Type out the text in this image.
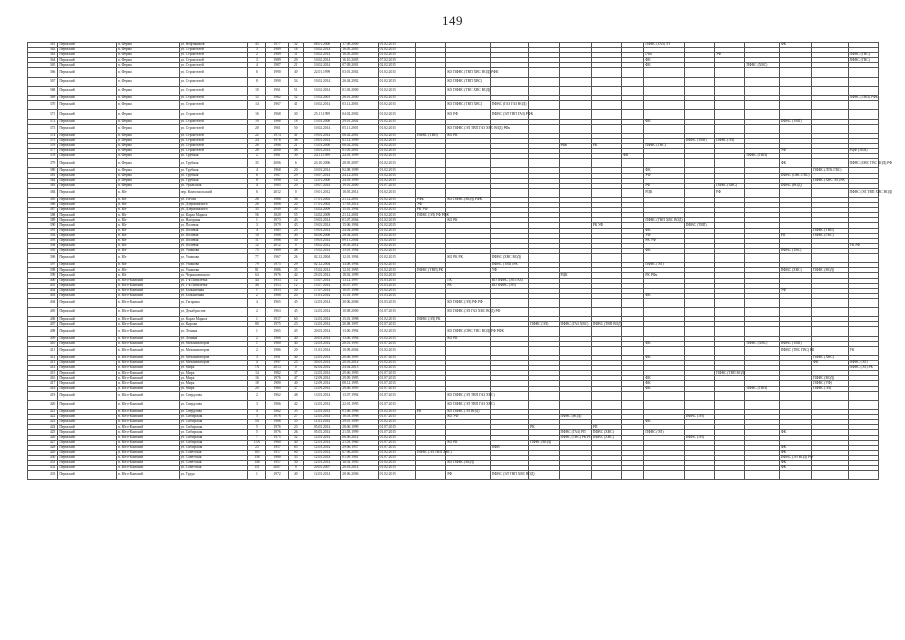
149
361	Пермский	п. Ферма	ул. Нефтяников	45	1977	32	08.01.2000	17.08.2000	01.02.2015								ПФВС (ГАЗ) ЭТ				ФК		
362	Пермский	п. Ферма	ул. Строителей	3	1989	16	10.02.2014	16.05.2005	01.02.2015														
363	Пермский	п. Ферма	ул. Строителей	2	1989	11	10.02.2014	16.05.2005	01.02.2015								ГФо		УФ				ПФВС (ГВС)
364	Пермский	п. Ферма	ул. Строителей	3	1989	20	10.02.2014	16.10.2005	07.02.2015								ФК						ПФВС (ГВС)
365	Пермский	п. Ферма	ул. Строителей	4	1987	21	10.02.2014	07.09.2001	02.02.2015								ФК			ПФВС (ХВС)			
366	Пермский	п. Ферма	ул. Строителей	6	1990	40	22.01.1999	03.01.2002	01.02.2015		КО ПФВС (ТВП ХВС ВОД) РФК												
367	Пермский	п. Ферма	ул. Строителей	8	1990	54	10.02.2014	26.04.2002	01.02.2015		КО ПФВС (ТВП ХВС)												
368	Пермский	п. Ферма	ул. Строителей	10	1961	51	10.02.2014	01.03.2000	01.02.2015		КО ПФВС (ТВС ХВС ВОД)												
369	Пермский	п. Ферма	ул. Строителей	12	1962	52	15.02.2001	26.01.2000	01.02.2015														ПФВС (ТВП) РФк
370	Пермский	п. Ферма	ул. Строителей	14	1967	41	10.02.2014	03.12.2001	01.02.2015		КО ПФВС (ТВП ХВС)	ПФВС (ГАЗ ГАЗ ВОД)											
371	Пермский	п. Ферма	ул. Строителей	16	1968	30	25.11.1999	04.02.2002	01.02.2015		КО РФ	ПФВС (ЭЛ ТВП ГАЗ) РФК											
372	Пермский	п. Ферма	ул. Строителей	19	1988	18	15.03.2000	29.01.2002	01.02.2015								ФК				ПФВС (ТВП)		
373	Пермский	п. Ферма	ул. Строителей	20	1961	50	10.02.2014	05.11.2001	01.02.2015		КО ПФВС (ЭЛ ТВП ГАЗ ХВС ВОД) РФк												
374	Пермский	п. Ферма	ул. Строителей	22	1974	41	19.03.2014	06.02.2001	01.02.2015	ПФВС (ТВП)	КО РК												
375	Пермский	п. Ферма	ул. Строителей	24	1976	36	19.03.2014	01.12.1999	01.02.2015									ПФВС (ТВП)	ПФВС (ЭЛ)				
376	Пермский	п. Ферма	ул. Строителей	26	1986	21	15.03.2000	06.02.2002	01.02.2015					РФк	РК		ПФВС (ГВС)						
377	Пермский	п. Ферма	ул. Строителей	28	2000	48	10.03.2014	01.05.2001	01.02.2015												УФ		РЦФ (ТВП)
378	Пермский	п. Ферма	ул. Трубная	2	1981	30	24.11.1999	24.03.1999	01.02.2015							ФК				ПФВС (ТВП)			
379	Пермский	п. Ферма	ул. Трубная	35	2006	6	24.10.2006	28.05.2007	01.02.2015												ФК		ПФВС (ОВС ГВС ВОД) РФ
380	Пермский	п. Ферма	ул. Трубная	4	1968	20	10.03.2014	02.08.1999	01.02.2015								ФК					ПФВС (ЛТК ГВС)	
381	Пермский	п. Ферма	ул. Трубная	6	1987	29	10.07.2014	24.12.2001	01.02.2015								УФ				ПФВС (ОВС ГВС)		
382	Пермский	п. Ферма	ул. Трубная	8	1990	14	12.01.2000	24.03.1999	01.02.2015													ПФВС (ХВС ЭЛ) РК	
383	Пермский	п. Ферма	ул. Уральская	4	1985	20	10.07.2014	19.01.2000	01.07.2015								РФ		ПФВС (ХВС)		ПФВС (ВОД)		
384	Пермский	п. Юг	пер. Комсомольский	6	2012	0	19.01.2012	18.05.2014	01.02.2015								РЦК		РФ				ПФВС (ЭЛ ТВП ХВС ВОД)
385	Пермский	п. Юг	ул. Гоголя	26	1966	36	17.01.2002	21.12.2001	01.02.2015	РФк	КО ПФВС (ВОД) РФК												
386	Пермский	п. Юг	ул. Дзержинского	26	1806	20	17.01.2002	17.03.2014	01.02.2015	УФ													
387	Пермский	п. Юг	ул. Дзержинского	35	1949	30	14.02.2009	15.01.1994	01.02.2015	РК УФ													
388	Пермский	п. Юг	ул. Карла Маркса	56	1820	55	14.02.2009	21.12.2001	01.02.2015	ПФВС (ЭЛ) РФ РФК													
389	Пермский	п. Юг	ул. Нагорная	1	1973	43	19.03.2014	01.07.2004	01.02.2015		КО РК						ПФВС (ТВП ХВС ВОД)						
390	Пермский	п. Юг	ул. Полевая	3	1979	43	19.03.2014	15.06.1994	01.02.2015						РК УФ			ПФВС (ТВП)					
391	Пермский	п. Юг	ул. Полевая	4	1985	25	19.03.2014	24.04.2006	01.02.2015								ФК					ПФВС (ТВП)	
392	Пермский	п. Юг	ул. Полевая	10	1986	40	04.08.2006	28.04.2001	01.02.2015								УФ				РП	ПФВС (ГВС)	
393	Пермский	п. Юг	ул. Полевая	11	1986	30	19.03.2014	09.11.2004	01.02.2015								РК УФ						
394	Пермский	п. Юг	ул. Полевая	12	2012	0	18.02.2012	18.05.2014	01.02.2015														УК РФ
395	Пермский	п. Юг	ул. Ушакова	75	1989	48	15.02.2014	13.01.1994	01.02.2015								ФК				ПФВС (ТВС)		
396	Пермский	п. Юг	ул. Ушакова	77	1967	26	02.12.2004	12.01.1994	01.02.2015		КО РК РК	ПФВС (ХВС ВОД)											
397	Пермский	п. Юг	ул. Ушакова	79	1975	29	02.12.2004	13.08.1994	01.02.2015			ПФВС (ТВП) РК					ПФВС (ЭЛ)						
398	Пермский	п. Юг	ул. Ушакова	81	1986	35	15.02.2014	12.01.1995	01.02.2015	ПФВС (ТВП) РК		УФ									ПФВС (ХВС)	ПФВС (ВОД)	
399	Пермский	п. Юг	ул. Чернышевского	64	1976	44	25.03.2014	18.02.1999	01.02.2015					РЦК			РК РФк						
400	Пермский	п. Юго-Камский	ул. 1-я Пятилетка	44	1953	12	15.07.2014	13.12.1997	01.03.2015		ГК	КО ПФВС (ЭЛ ГАЗ)											
401	Пермский	п. Юго-Камский	ул. 1-я Пятилетка	46	1953	12	15.07.2014	10.07.1997	01.03.2015		РК	КО ПФВС (ЭЛ)											
402	Пермский	п. Юго-Камский	ул. Больничная	1	1953	50	17.07.2014	10.07.1998	01.02.2015												УФ		
403	Пермский	п. Юго-Камский	ул. Больничная	2	1968	20	11.03.2014	15.01.1999	01.03.2015								ФК						
404	Пермский	п. Юго-Камский	ул. Гагарина	4	1965	45	12.03.2014	30.06.2006	01.03.2015		КО ПФВС (ЭЛ) РФ РФ												
405	Пермский	п. Юго-Камский	ул. Декабристов	2	1963	45	12.03.2014	10.08.2000	01.07.2015		КО ПФВС (ЭЛ ГАЗ ХВС ВОД) РФ												
406	Пермский	п. Юго-Камский	ул. Карла Маркса	1	1917	60	12.03.2014	15.01.1998	01.02.2015	ПФВС (ЭЛ) РК													
407	Пермский	п. Юго-Камский	ул. Кирова	80	1975	23	12.03.2014	20.08.1997	01.07.2015				ПФВС (ЭЛ)	ПФВС (ГАЗ ХВС)	ПФВС (ТВП ВОД)								
408	Пермский	п. Юго-Камский	ул. Ленина	1	1965	45	20.03.2014	13.06.1994	01.02.2015		КО ПФВС (ОВС ТВС ВОД) РФ РФК												
409	Пермский	п. Юго-Камский	ул. Ленина	2	1966	40	20.03.2014	13.06.1994	01.02.2015		КО РК												
410	Пермский	п. Юго-Камский	ул. Механизаторов	1	1980	40	12.03.2014	28.01.1995	01.07.2015								ФК			ПФВС (ХВС)	ПФВС (ТВП)		
411	Пермский	п. Юго-Камский	ул. Механизаторов	2	1986	20	11.03.2014	10.09.2004	01.02.2015												ПФВС (ТВС ГВС) РК		УК
412	Пермский	п. Юго-Камский	ул. Механизаторов	3	1991	40	12.03.2014	20.06.1995	01.07.2015								ФК					ПФВС (ХВС)	
413	Пермский	п. Юго-Камский	ул. Механизаторов	4	1997	25	30.03.2014	20.03.2014	01.02.2015													ФК	ПФВС (ЭЛ)
414	Пермский	п. Юго-Камский	ул. Мира	7А	2013	0	02.04.2014	24.04.2013	01.02.2015														ПФВС (ЭЛ) РК
415	Пермский	п. Юго-Камский	ул. Мира	14	1982	37	12.03.2014	29.06.1995	01.07.2015										ПФВС (ТВП ВОД)				
416	Пермский	п. Юго-Камский	ул. Мира	16	1976	47	12.09.2014	29.09.1995	01.07.2015								ФК					ПФВС (ВОД)	
417	Пермский	п. Юго-Камский	ул. Мира	18	1980	40	12.09.2014	08.12.1995	01.07.2015								ФК					ПФВС (УФ)	
418	Пермский	п. Юго-Камский	ул. Мира	20	1980	37	12.09.2014	29.06.1995	01.07.2015								ФК			ПФВС (ТВП)		ПФВС (ЭЛ)	
419	Пермский	п. Юго-Камский	ул. Свердлова	2	1962	48	13.03.2014	13.07.1994	01.07.2015		КО ПФВС (ЭЛ ТВП ГАЗ ХВС)												
420	Пермский	п. Юго-Камский	ул. Свердлова	3	1966	42	12.03.2014	22.01.1995	01.07.2015		КО ПФВС (ЭЛ ТВП ГАЗ ХВС)												
421	Пермский	п. Юго-Камский	ул. Свердлова	4	1962	35	12.03.2014	01.06.1996	01.02.2015	РК	КО ПФВС (ЭЛ ВОД)												
422	Пермский	п. Юго-Камский	ул. Сибирская	5	1976	27	12.03.2014	16.03.1998	01.07.2015		КО УФ			ПФВС (ВОД)				ПФВС (ЭЛ)					
423	Пермский	п. Юго-Камский	ул. Сибирская	5А	1986	35	11.03.2014	29.01.1999	01.02.2015								ФК						
424	Пермский	п. Юго-Камский	ул. Сибирская	5	1976	23	05.03.2014	28.06.1999	01.07.2015				РК		РП								
425	Пермский	п. Юго-Камский	ул. Сибирская	5	1976	26	05.03.2014	21.03.1999	01.07.2015					ПФВС (ГАЗ) РП	ПФВС (ХВС)		ПФВС (ЭЛ)				ФК		
426	Пермский	п. Юго-Камский	ул. Сибирская	7	1975	32	12.03.2014	06.06.2014	01.02.2015					ПФВС (ТВС) РК РП	ПФВС (ХВС)			ПФВС (ЭЛ)					
427	Пермский	п. Юго-Камский	ул. Сибирская	15А	1960	40	12.03.2014	21.03.1960	01.07.2015		КО РК		ПФВС (ВОД)										
428	Пермский	п. Юго-Камский	ул. Сибирская	23	1957	65	12.03.2014	29.06.1957	01.07.2015			ПФВ									ФК		
429	Пермский	п. Юго-Камский	ул. Советская	105	1917	60	12.03.2014	07.06.2005	01.02.2015	ПФВС (ЭЛ ТВП ХВС)											ФК		
430	Пермский	п. Юго-Камский	ул. Советская	138	1980	33	12.03.2014	01.09.1981	01.07.2015												ПФВС (ЭЛ ВОД) РФ		
431	Пермский	п. Юго-Камский	ул. Советская	146	1957	30	12.03.2014	16.02.1995	01.02.2015		КО ПФВС (ВОД)										ФК		
432	Пермский	п. Юго-Камский	ул. Советская	151	2007	0	20.03.2007	20.03.2014	01.02.2015												ФК		
433	Пермский	п. Юго-Камский	ул. Труда	1	1972	40	12.03.2014	28.06.2006	01.02.2015		РФ	ПФВС (ЭЛ ТВП ХВС ВОД)											
